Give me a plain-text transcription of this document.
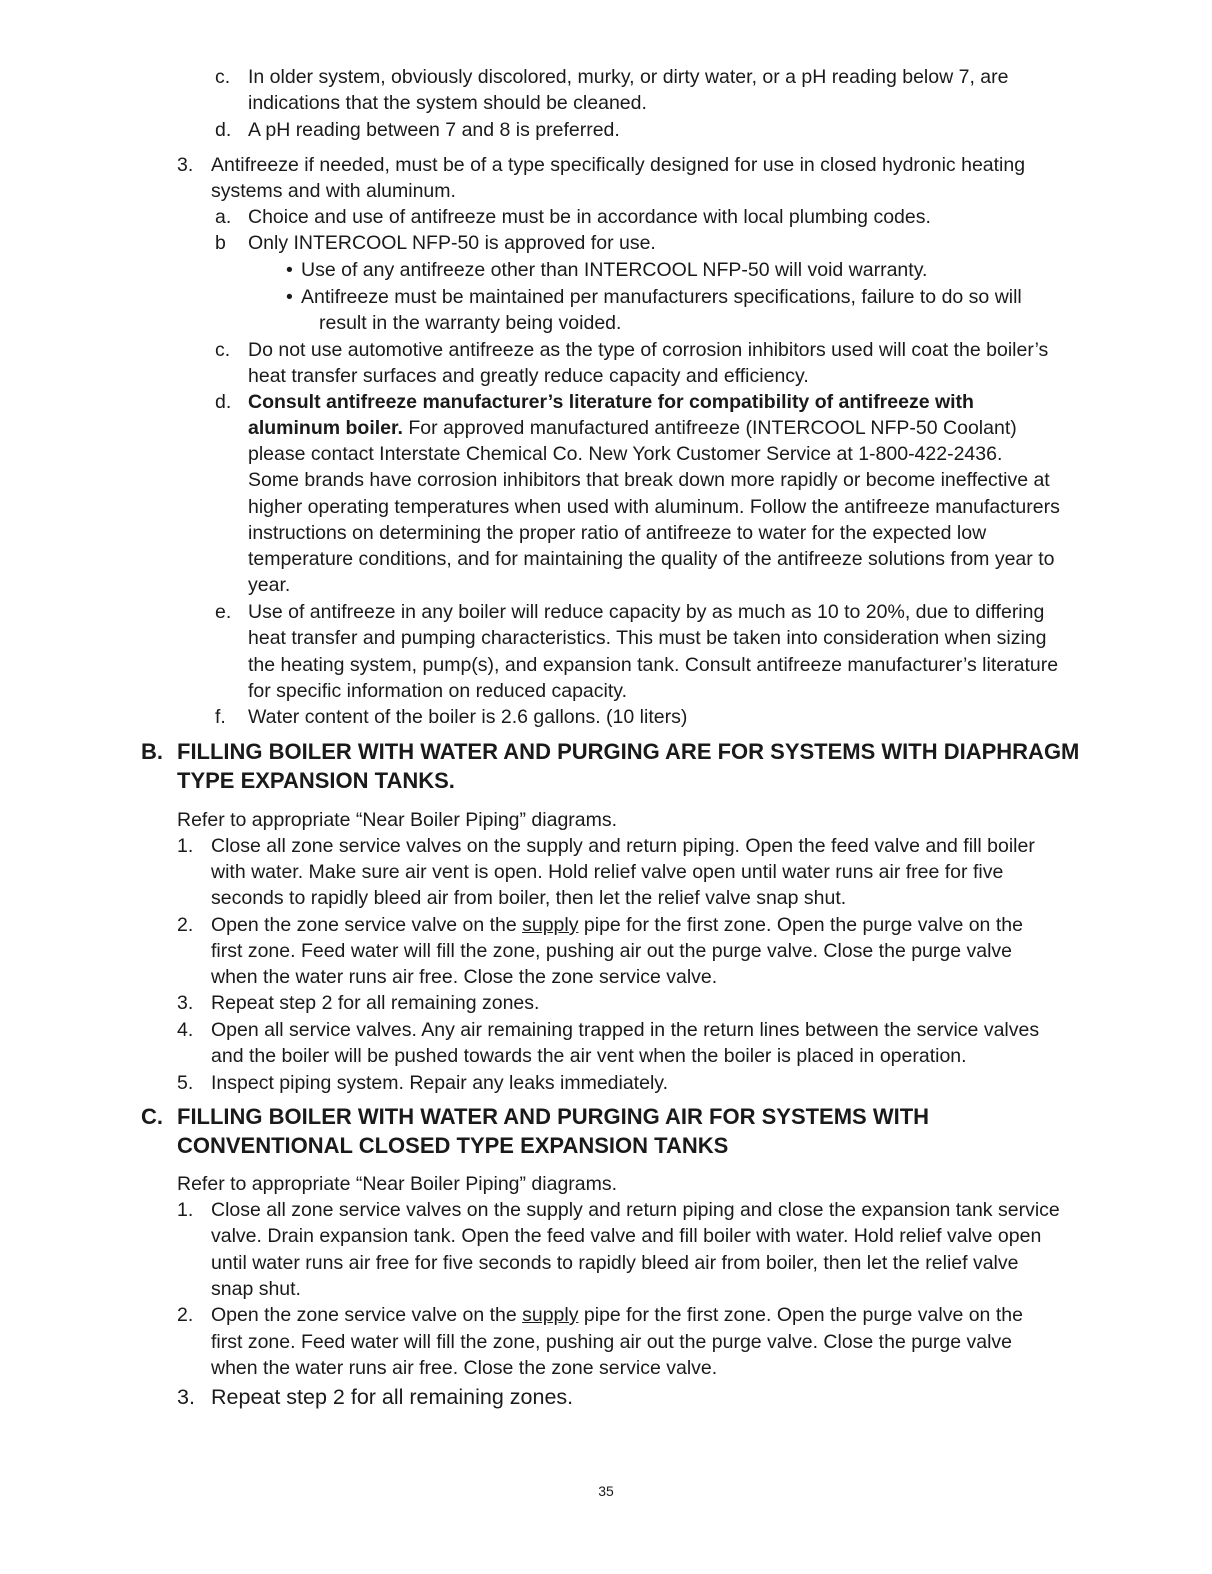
c. In older system, obviously discolored, murky, or dirty water, or a pH reading below 7, are
indications that the system should be cleaned.
d. A pH reading between 7 and 8 is preferred.
3. Antifreeze if needed, must be of a type specifically designed for use in closed hydronic heating
systems and with aluminum.
a. Choice and use of antifreeze must be in accordance with local plumbing codes.
b Only INTERCOOL NFP-50 is approved for use.
• Use of any antifreeze other than INTERCOOL NFP-50 will void warranty.
• Antifreeze must be maintained per manufacturers specifications, failure to do so will
result in the warranty being voided.
c. Do not use automotive antifreeze as the type of corrosion inhibitors used will coat the boiler’s
heat transfer surfaces and greatly reduce capacity and efficiency.
d. Consult antifreeze manufacturer’s literature for compatibility of antifreeze with
aluminum boiler. For approved manufactured antifreeze (INTERCOOL NFP-50 Coolant)
please contact Interstate Chemical Co. New York Customer Service at 1-800-422-2436.
Some brands have corrosion inhibitors that break down more rapidly or become ineffective at
higher operating temperatures when used with aluminum. Follow the antifreeze manufacturers
instructions on determining the proper ratio of antifreeze to water for the expected low
temperature conditions, and for maintaining the quality of the antifreeze solutions from year to
year.
e. Use of antifreeze in any boiler will reduce capacity by as much as 10 to 20%, due to differing
heat transfer and pumping characteristics. This must be taken into consideration when sizing
the heating system, pump(s), and expansion tank. Consult antifreeze manufacturer’s literature
for specific information on reduced capacity.
f. Water content of the boiler is 2.6 gallons. (10 liters)
B. FILLING BOILER WITH WATER AND PURGING ARE FOR SYSTEMS WITH DIAPHRAGM
TYPE EXPANSION TANKS.
Refer to appropriate “Near Boiler Piping” diagrams.
1. Close all zone service valves on the supply and return piping. Open the feed valve and fill boiler
with water. Make sure air vent is open. Hold relief valve open until water runs air free for five
seconds to rapidly bleed air from boiler, then let the relief valve snap shut.
2. Open the zone service valve on the supply pipe for the first zone. Open the purge valve on the
first zone. Feed water will fill the zone, pushing air out the purge valve. Close the purge valve
when the water runs air free. Close the zone service valve.
3. Repeat step 2 for all remaining zones.
4. Open all service valves. Any air remaining trapped in the return lines between the service valves
and the boiler will be pushed towards the air vent when the boiler is placed in operation.
5. Inspect piping system. Repair any leaks immediately.
C. FILLING BOILER WITH WATER AND PURGING AIR FOR SYSTEMS WITH
CONVENTIONAL CLOSED TYPE EXPANSION TANKS
Refer to appropriate “Near Boiler Piping” diagrams.
1. Close all zone service valves on the supply and return piping and close the expansion tank service
valve. Drain expansion tank. Open the feed valve and fill boiler with water. Hold relief valve open
until water runs air free for five seconds to rapidly bleed air from boiler, then let the relief valve
snap shut.
2. Open the zone service valve on the supply pipe for the first zone. Open the purge valve on the
first zone. Feed water will fill the zone, pushing air out the purge valve. Close the purge valve
when the water runs air free. Close the zone service valve.
3. Repeat step 2 for all remaining zones.
35
